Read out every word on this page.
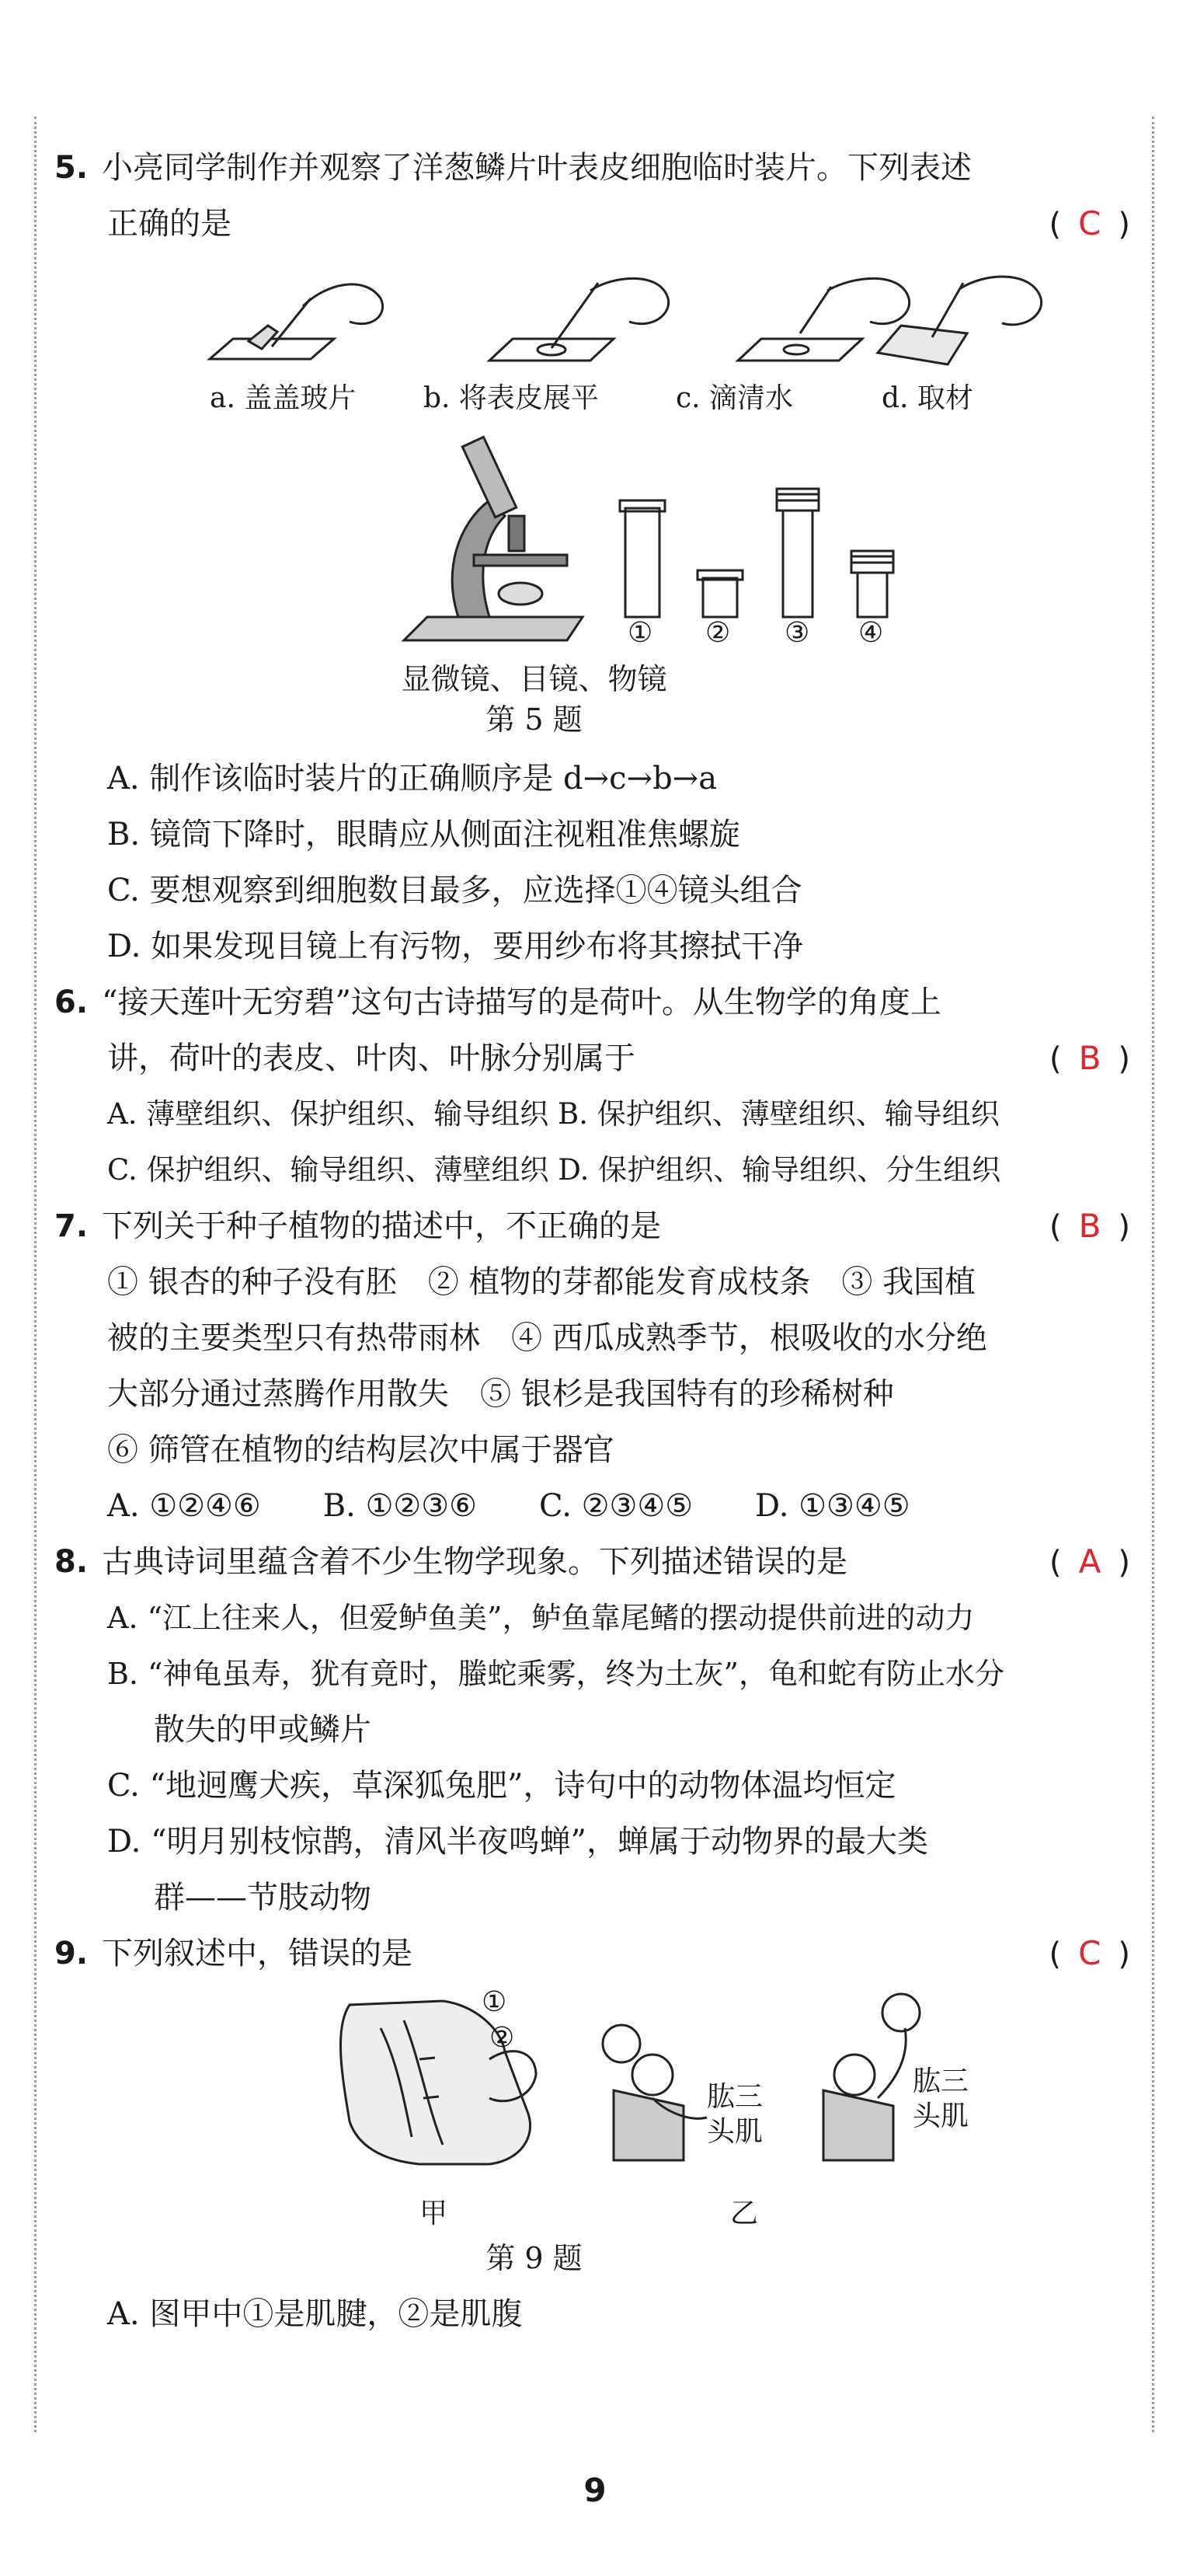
5. 小亮同学制作并观察了洋葱鳞片叶表皮细胞临时装片。下列表述
正确的是	( C )
a. 盖盖玻片 b. 将表皮展平	c. 滴清水	d. 取材
① ② ③ ④
显微镜、目镜、物镜
第 5 题
A. 制作该临时装片的正确顺序是 d→c→b→a
B. 镜筒下降时，眼睛应从侧面注视粗准焦螺旋
C. 要想观察到细胞数目最多，应选择①④镜头组合
D. 如果发现目镜上有污物，要用纱布将其擦拭干净
6. “接天莲叶无穷碧”这句古诗描写的是荷叶。从生物学的角度上
讲，荷叶的表皮、叶肉、叶脉分别属于	( B )
A. 薄壁组织、保护组织、输导组织 B. 保护组织、薄壁组织、输导组织
C. 保护组织、输导组织、薄壁组织 D. 保护组织、输导组织、分生组织
7. 下列关于种子植物的描述中，不正确的是	( B )
① 银杏的种子没有胚　② 植物的芽都能发育成枝条　③ 我国植
被的主要类型只有热带雨林　④ 西瓜成熟季节，根吸收的水分绝
大部分通过蒸腾作用散失　⑤ 银杉是我国特有的珍稀树种
⑥ 筛管在植物的结构层次中属于器官
A. ①②④⑥　　B. ①②③⑥　　C. ②③④⑤　　D. ①③④⑤
8. 古典诗词里蕴含着不少生物学现象。下列描述错误的是	( A )
A. “江上往来人，但爱鲈鱼美”，鲈鱼靠尾鳍的摆动提供前进的动力
B. “神龟虽寿，犹有竟时，螣蛇乘雾，终为土灰”，龟和蛇有防止水分
散失的甲或鳞片
C. “地迥鹰犬疾，草深狐兔肥”，诗句中的动物体温均恒定
D. “明月别枝惊鹊，清风半夜鸣蝉”，蝉属于动物界的最大类
群——节肢动物
9. 下列叙述中，错误的是	( C )
①
②
肱三
头肌
肱三
头肌
甲	乙
第 9 题
A. 图甲中①是肌腱，②是肌腹
9
